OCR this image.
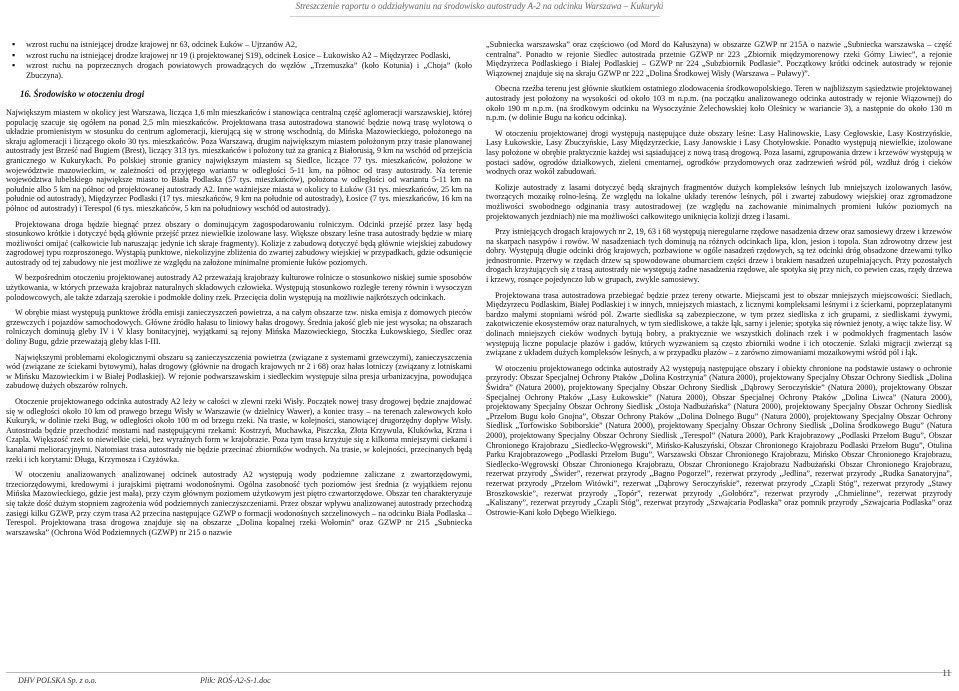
Streszczenie raportu o oddziaływaniu na środowisko autostrady A-2 na odcinku Warszawa – Kukuryki
▪ wzrost ruchu na istniejącej drodze krajowej nr 63, odcinek Łuków – Ujrzanów A2,
▪ wzrost ruchu na istniejącej drodze krajowej nr 19 (i projektowanej S19), odcinek Łosice – Łukowisko A2 – Międzyrzec Podlaski,
▪ wzrost ruchu na poprzecznych drogach powiatowych prowadzących do węzłów „Trzemuszka” (koło Kotunia) i „Choja” (koło Zbuczyna).
16. Środowisko w otoczeniu drogi

Największym miastem w okolicy jest Warszawa, licząca 1,6 mln mieszkańców i stanowiąca centralną część aglomeracji warszawskiej, której populację szacuje się ogółem na ponad 2,5 mln mieszkańców. Projektowana trasa autostradowa stanowić będzie nową trasę wylotową o układzie promienistym w stosunku do centrum aglomeracji, kierującą się w stronę wschodnią, do Mińska Mazowieckiego, położonego na skraju aglomeracji i liczącego około 30 tys. mieszkańców. Poza Warszawą, drugim największym miastem położonym przy trasie planowanej autostrady jest Brześć nad Bugiem (Brest), liczący 313 tys. mieszkańców i położony tuż za granicą z Białorusią, 9 km na wschód od przejścia granicznego w Kukurykach. Po polskiej stronie granicy największym miastem są Siedlce, liczące 77 tys. mieszkańców, położone w województwie mazowieckim, w zależności od przyjętego wariantu w odległości 5-11 km, na północ od trasy autostrady. Na terenie województwa lubelskiego największe miasto to Biała Podlaska (57 tys. mieszkańców), położona w odległości od wariantu 5-11 km na południe albo 5 km na północ od projektowanej autostrady A2. Inne ważniejsze miasta w okolicy to Łuków (31 tys. mieszkańców, 25 km na południe od autostrady), Międzyrzec Podlaski (17 tys. mieszkańców, 9 km na południe od autostrady), Łosice (7 tys. mieszkańców, 16 km na północ od autostrady) i Terespol (6 tys. mieszkańców, 5 km na południowy wschód od autostrady).

Projektowana droga będzie biegnąć przez obszary o dominującym zagospodarowaniu rolniczym. Odcinki przejść przez lasy będą stosunkowo krótkie i dotyczyć będą głównie przejść przez niewielkie izolowane lasy. Większe obszary leśne trasa autostrady będzie w miarę możliwości omijać (całkowicie lub naruszając jedynie ich skraje fragmenty). Kolizje z zabudową dotyczyć będą głównie wiejskiej zabudowy zagrodowej typu rozproszonego. Wystąpią punktowe, niekolizyjne zbliżenia do zwartej zabudowy wiejskiej w przypadkach, gdzie odsunięcie autostrady od tej zabudowy nie jest możliwe ze względu na założone minimalne promienie łuków poziomych.

W bezpośrednim otoczeniu projektowanej autostrady A2 przeważają krajobrazy kulturowe rolnicze o stosunkowo niskiej sumie sposobów użytkowania, w których przeważa krajobraz naturalnych składowych człowieka. Występują stosunkowo rozległe tereny równin i wysoczyzn polodowcowych, ale także zdarzają szerokie i podmokłe doliny rzek. Przecięcia dolin występują na możliwie najkrótszych odcinkach.

W obrębie miast występują punktowe źródła emisji zanieczyszczeń powietrza, a na całym obszarze tzw. niska emisja z domowych pieców grzewczych i pojazdów samochodowych. Główne źródło hałasu to liniowy hałas drogowy. Średnia jakość gleb nie jest wysoka; na obszarach rolniczych dominują gleby IV i V klasy bonitacyjnej, wyjątkami są rejony Mińska Mazowieckiego, Stoczka Łukowskiego, Siedlec oraz doliny Bugu, gdzie przeważają gleby klas I-III.

Największymi problemami ekologicznymi obszaru są zanieczyszczenia powietrza (związane z systemami grzewczymi), zanieczyszczenia wód (związane ze ściekami bytowymi), hałas drogowy (głównie na drogach krajowych nr 2 i 68) oraz hałas lotniczy (związany z lotniskami w Mińsku Mazowieckim i w Białej Podlaskiej). W rejonie podwarszawskim i siedleckim występuje silna presja urbanizacyjna, powodująca zabudowę dużych obszarów rolnych.

Otoczenie projektowanego odcinka autostrady A2 leży w całości w zlewni rzeki Wisły. Początek nowej trasy drogowej będzie znajdować się w odległości około 10 km od prawego brzegu Wisły w Warszawie (w dzielnicy Wawer), a koniec trasy – na terenach zalewowych koło Kukuryk, w dolinie rzeki Bug, w odległości około 100 m od brzegu rzeki. Na trasie, w kolejności, stanowiącej drugorzędny dopływ Wisły. Autostrada będzie przechodzić mostami nad następującymi rzekami: Kostrzyń, Muchawka, Piszczka, Złota Krzywula, Klukówka, Krzna i Czapla. Większość rzek to niewielkie cieki, bez wyraźnych form w krajobrazie. Poza tym trasa krzyżuje się z kilkoma mniejszymi ciekami i kanałami melioracyjnymi. Natomiast trasa autostrady nie będzie przecinać zbiorników wodnych. Na trasie, w kolejności, przecinanych będą rzeki i ich korytami: Długa, Krzymosza i Czyżówka.

W otoczeniu analizowanych analizowanej odcinek autostrady A2 występują wody podziemne zaliczane z zwartorzędowymi, trzeciorzędowymi, kredowymi i jurajskimi piętrami wodonośnymi. Ogólna zasobność tych poziomów jest średnia (z wyjątkiem rejonu Mińska Mazowieckiego, gdzie jest mała), przy czym głównym poziomem użytkowym jest piętro czwartorzędowe. Obszar ten charakteryzuje się także dość dużym stopniem zagrożenia wód podziemnych zanieczyszczeniami. Przez obszar wpływu analizowanej autostrady przechodzą zasięgi kilku GZWP, przy czym trasa A2 przecina następujące GZWP o formacji wodonośnych szczelinowych – na odcinku Biała Podlaska – Terespol. Projektowana trasa drogowa znajduje się na obszarze „Dolina kopalnej rzeki Wołomin” oraz GZWP nr 215 „Subniecka warszawska” (Ochrona Wód Podziemnych (GZWP) nr 215 o nazwie

„Subniecka warszawska” oraz częściowo (od Mord do Kałuszyna) w obszarze GZWP nr 215A o nazwie „Subniecka warszawska – część centralna”. Ponadto w rejonie Siedlec autostrada przetnie GZWP nr 223 „Zbiornik międzymorenowy rzeki Górny Liwiec”, a rejonie Międzyrzeca Podlaskiego i Białej Podlaskiej – GZWP nr 224 „Subzbiornik Podlasie”. Początkowy krótki odcinek autostrady w rejonie Wiązownej znajduje się na skraju GZWP nr 222 „Dolina Środkowej Wisły (Warszawa – Puławy)”.

Obecna rzeźba terenu jest głównie skutkiem ostatniego zlodowacenia środkowopolskiego. Teren w najbliższym sąsiedztwie projektowanej autostrady jest położony na wysokości od około 103 m n.p.m. (na początku analizowanego odcinka autostrady w rejonie Wiązownej) do około 190 m n.p.m. (na środkowym odcinku na Wysoczyźnie Żelechowskiej koło Oleśnicy w wariancie 3), a następnie do około 130 m n.p.m. (w dolinie Bugu na końcu odcinka).

W otoczeniu projektowanej drogi występują następujące duże obszary leśne: Lasy Halinowskie, Lasy Cegłowskie, Lasy Kostrzyńskie, Lasy Łukowskie, Lasy Zbuczyńskie, Lasy Międzyrzeckie, Lasy Janowskie i Lasy Chotyłowskie. Ponadto występują niewielkie, izolowane lasy położone w obrębie praktycznie każdej wsi sąsiadującej z nową trasą drogową. Poza lasami, zgrupowania drzew i krzewów występują w postaci sadów, ogrodów działkowych, zieleni cmentarnej, ogrodków przydomowych oraz zadrzewień wśród pól, wzdłuż dróg i cieków wodnych oraz wokół zabudowań.

Kolizje autostrady z lasami dotyczyć będą skrajnych fragmentów dużych kompleksów leśnych lub mniejszych izolowanych lasów, tworzących mozaikę rolno-leśną. Ze względu na lokalne układy terenów leśnych, pól i zwartej zabudowy wiejskiej oraz zgromadzone możliwości swobodnego odginania trasy autostradowej (ze względu na zachowanie minimalnych promieni łuków poziomych na projektowanych jezdniach) nie ma możliwości całkowitego uniknięcia kolizji drzeg i lasami.

Przy istniejących drogach krajowych nr 2, 19, 63 i 68 występują nieregularne rzędowe nasadzenia drzew oraz samosiewy drzew i krzewów na skarpach nasypów i rowów. W nasadzeniach tych dominują na różnych odcinkach lipa, klon, jesion i topola. Stan zdrowotny drzew jest dobry. Występują długie odcinki dróg krajowych, pozbawione w ogóle nasadzeń rzędowych, są też odcinki dróg obsadzone drzewami tylko jednostronnie. Przerwy w rzędach drzew są spowodowane obumarciem części drzew i brakiem nasadzeń uzupełniających. Przy pozostałych drogach krzyżujących się z trasą autostrady nie występują żadne nasadzenia rzędowe, ale spotyka się przy nich, co pewien czas, rzędy drzewa i krzewy, rosnące pojedynczo lub w grupach, zwykle samosiewy.

Projektowana trasa autostradowa przebiegać będzie przez tereny otwarte. Miejscami jest to obszar mniejszych miejscowości: Siedlach, Międzyrzecu Podlaskim, Białej Podlaskiej i w innych, mniejszych miastach, z licznymi kompleksami leśnymi i z ścierkami, poprzeplatanymi bardzo małymi stopniami wśród pól. Zwarte siedliska są zabezpieczone, w tym przez siedliska z ich grupami, z siedliskami żywymi, zakotwiczenie ekosystemów oraz naturalnych, w tym siedliskowe, a także łąk, sarny i jelenie; spotyka się również jenoty, a więc także lisy. W dolinach mniejszych cieków wodnych bytują bobry, a praktycznie we wszystkich dolinach rzek i w podmokłych fragmentach lasów występują liczne populacje płazów i gadów, których wyzwaniem są często zbiorniki wodne i ich otoczenie. Szlaki migracji zwierząt są związane z układem dużych kompleksów leśnych, a w przypadku płazów – z zarówno zimowaniami mozaikowymi wśród pól i łąk.

W otoczeniu projektowanego odcinka autostrady A2 występują następujące obszary i obiekty chronione na podstawie ustawy o ochronie przyrody: Obszar Specjalnej Ochrony Ptaków „Dolina Kostrzynia” (Natura 2000), projektowany Specjalny Obszar Ochrony Siedlisk „Dolina Świdra” (Natura 2000), projektowany Specjalny Obszar Ochrony Siedlisk „Dąbrowy Seroczyńskie” (Natura 2000), projektowany Obszar Specjalnej Ochrony Ptaków „Lasy Łukowskie” (Natura 2000), Obszar Specjalnej Ochrony Ptaków „Dolina Liwca” (Natura 2000), projektowany Specjalny Obszar Ochrony Siedlisk „Ostoja Nadbużańska” (Natura 2000), projektowany Specjalny Obszar Ochrony Siedlisk „Przełom Bugu koło Gnojna”, Obszar Ochrony Ptaków „Dolina Dolnego Bugu” (Natura 2000), projektowany Specjalny Obszar Ochrony Siedlisk „Torfowisko Sobiborskie” (Natura 2000), projektowany Specjalny Obszar Ochrony Siedlisk „Dolina Środkowego Bugu” (Natura 2000), projektowany Specjalny Obszar Ochrony Siedlisk „Terespol” (Natura 2000), Park Krajobrazowy „Podlaski Przełom Bugu”, Obszar Chronionego Krajobrazu „Siedlecko-Węgrowski”, Mińsko-Kałuszyński, Obszar Chronionego Krajobrazu Podlaski Przełom Bugu”, Otulina Parku Krajobrazowego „Podlaski Przełom Bugu”, Warszawski Obszar Chronionego Krajobrazu, Mińsko Obszar Chronionego Krajobrazu, Siedlecko-Węgrowski Obszar Chronionego Krajobrazu, Obszar Chronionego Krajobrazu Nadbużański Obszar Chronionego Krajobrazu, rezerwat przyrody „Świder”, rezerwat przyrody „Bagno Pogorzel”, rezerwat przyrody „Jedlina”, rezerwat przyrody „Rudka Sanatoryjna”, rezerwat przyrody „Przełom Witówki”, rezerwat „Dąbrowy Seroczyńskie”, rezerwat przyrody „Czapli Stóg”, rezerwat przyrody „Stawy Broszkowskie”, rezerwat przyrody „Topór”, rezerwat przyrody „Gołobórz”, rezerwat przyrody „Chmielinne”, rezerwat przyrody „Kaliszany”, rezerwat przyrody „Czapli Stóg”, rezerwat przyrody „Szwajcaria Podlaska” oraz pomnik przyrody „Szwajcaria Podlaska” oraz Ostrowie-Kani koło Dębego Wielkiego.

DHV POLSKA Sp. z o.o.	Plik: ROŚ-A2-S-1.doc
11
